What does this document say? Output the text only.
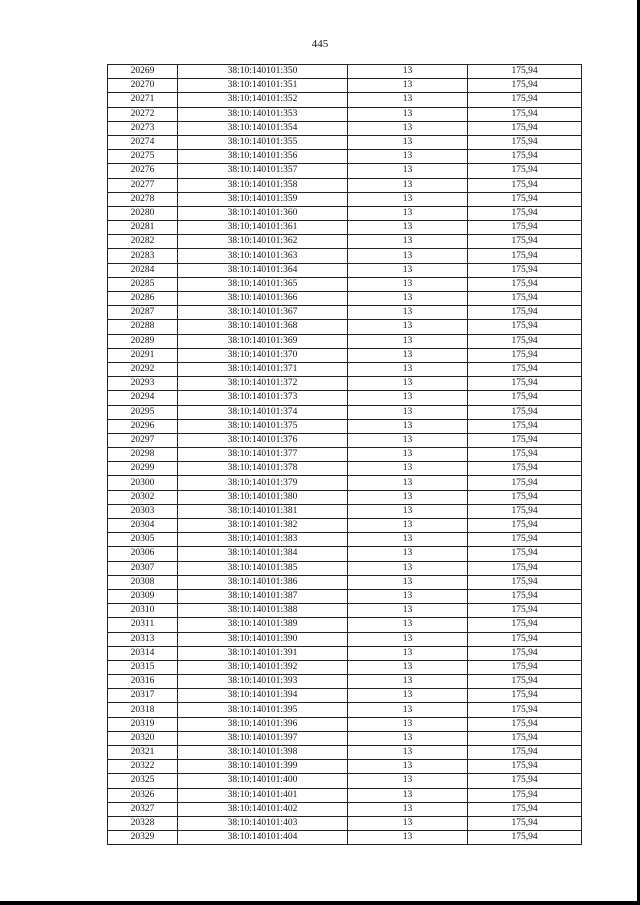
445
20269	38:10:140101:350	13	175,94
20270	38:10:140101:351	13	175,94
20271	38:10:140101:352	13	175,94
20272	38:10:140101:353	13	175,94
20273	38:10:140101:354	13	175,94
20274	38:10:140101:355	13	175,94
20275	38:10:140101:356	13	175,94
20276	38:10:140101:357	13	175,94
20277	38:10:140101:358	13	175,94
20278	38:10:140101:359	13	175,94
20280	38:10:140101:360	13	175,94
20281	38:10:140101:361	13	175,94
20282	38:10:140101:362	13	175,94
20283	38:10:140101:363	13	175,94
20284	38:10:140101:364	13	175,94
20285	38:10:140101:365	13	175,94
20286	38:10:140101:366	13	175,94
20287	38:10:140101:367	13	175,94
20288	38:10:140101:368	13	175,94
20289	38:10:140101:369	13	175,94
20291	38:10:140101:370	13	175,94
20292	38:10:140101:371	13	175,94
20293	38:10:140101:372	13	175,94
20294	38:10:140101:373	13	175,94
20295	38:10:140101:374	13	175,94
20296	38:10:140101:375	13	175,94
20297	38:10:140101:376	13	175,94
20298	38:10:140101:377	13	175,94
20299	38:10:140101:378	13	175,94
20300	38:10:140101:379	13	175,94
20302	38:10:140101:380	13	175,94
20303	38:10:140101:381	13	175,94
20304	38:10:140101:382	13	175,94
20305	38:10:140101:383	13	175,94
20306	38:10:140101:384	13	175,94
20307	38:10:140101:385	13	175,94
20308	38:10:140101:386	13	175,94
20309	38:10:140101:387	13	175,94
20310	38:10:140101:388	13	175,94
20311	38:10:140101:389	13	175,94
20313	38:10:140101:390	13	175,94
20314	38:10:140101:391	13	175,94
20315	38:10:140101:392	13	175,94
20316	38:10:140101:393	13	175,94
20317	38:10:140101:394	13	175,94
20318	38:10:140101:395	13	175,94
20319	38:10:140101:396	13	175,94
20320	38:10:140101:397	13	175,94
20321	38:10:140101:398	13	175,94
20322	38:10:140101:399	13	175,94
20325	38:10:140101:400	13	175,94
20326	38:10:140101:401	13	175,94
20327	38:10:140101:402	13	175,94
20328	38:10:140101:403	13	175,94
20329	38:10:140101:404	13	175,94
